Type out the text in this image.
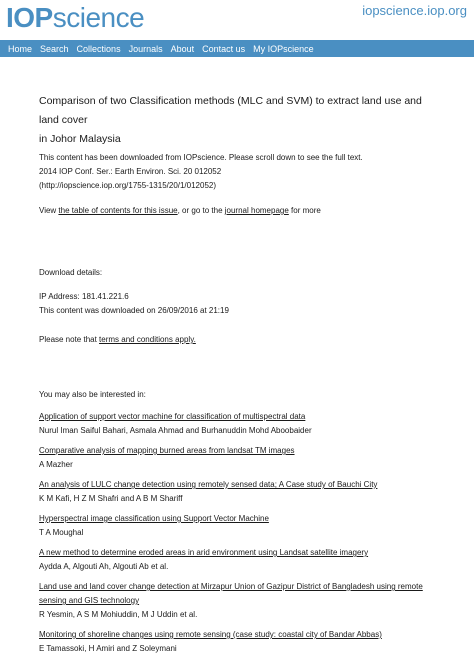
IOPscience	iopscience.iop.org
Home Search Collections Journals About Contact us My IOPscience
Comparison of two Classification methods (MLC and SVM) to extract land use and land cover
in Johor Malaysia
This content has been downloaded from IOPscience. Please scroll down to see the full text.
2014 IOP Conf. Ser.: Earth Environ. Sci. 20 012052
(http://iopscience.iop.org/1755-1315/20/1/012052)
View the table of contents for this issue, or go to the journal homepage for more
Download details:
IP Address: 181.41.221.6
This content was downloaded on 26/09/2016 at 21:19
Please note that terms and conditions apply.
You may also be interested in:
Application of support vector machine for classification of multispectral data
Nurul Iman Saiful Bahari, Asmala Ahmad and Burhanuddin Mohd Aboobaider
Comparative analysis of mapping burned areas from landsat TM images
A Mazher
An analysis of LULC change detection using remotely sensed data; A Case study of Bauchi City
K M Kafi, H Z M Shafri and A B M Shariff
Hyperspectral image classification using Support Vector Machine
T A Moughal
A new method to determine eroded areas in arid environment using Landsat satellite imagery
Aydda A, Algouti Ah, Algouti Ab et al.
Land use and land cover change detection at Mirzapur Union of Gazipur District of Bangladesh using remote sensing and GIS technology
R Yesmin, A S M Mohiuddin, M J Uddin et al.
Monitoring of shoreline changes using remote sensing (case study: coastal city of Bandar Abbas)
E Tamassoki, H Amiri and Z Soleymani
